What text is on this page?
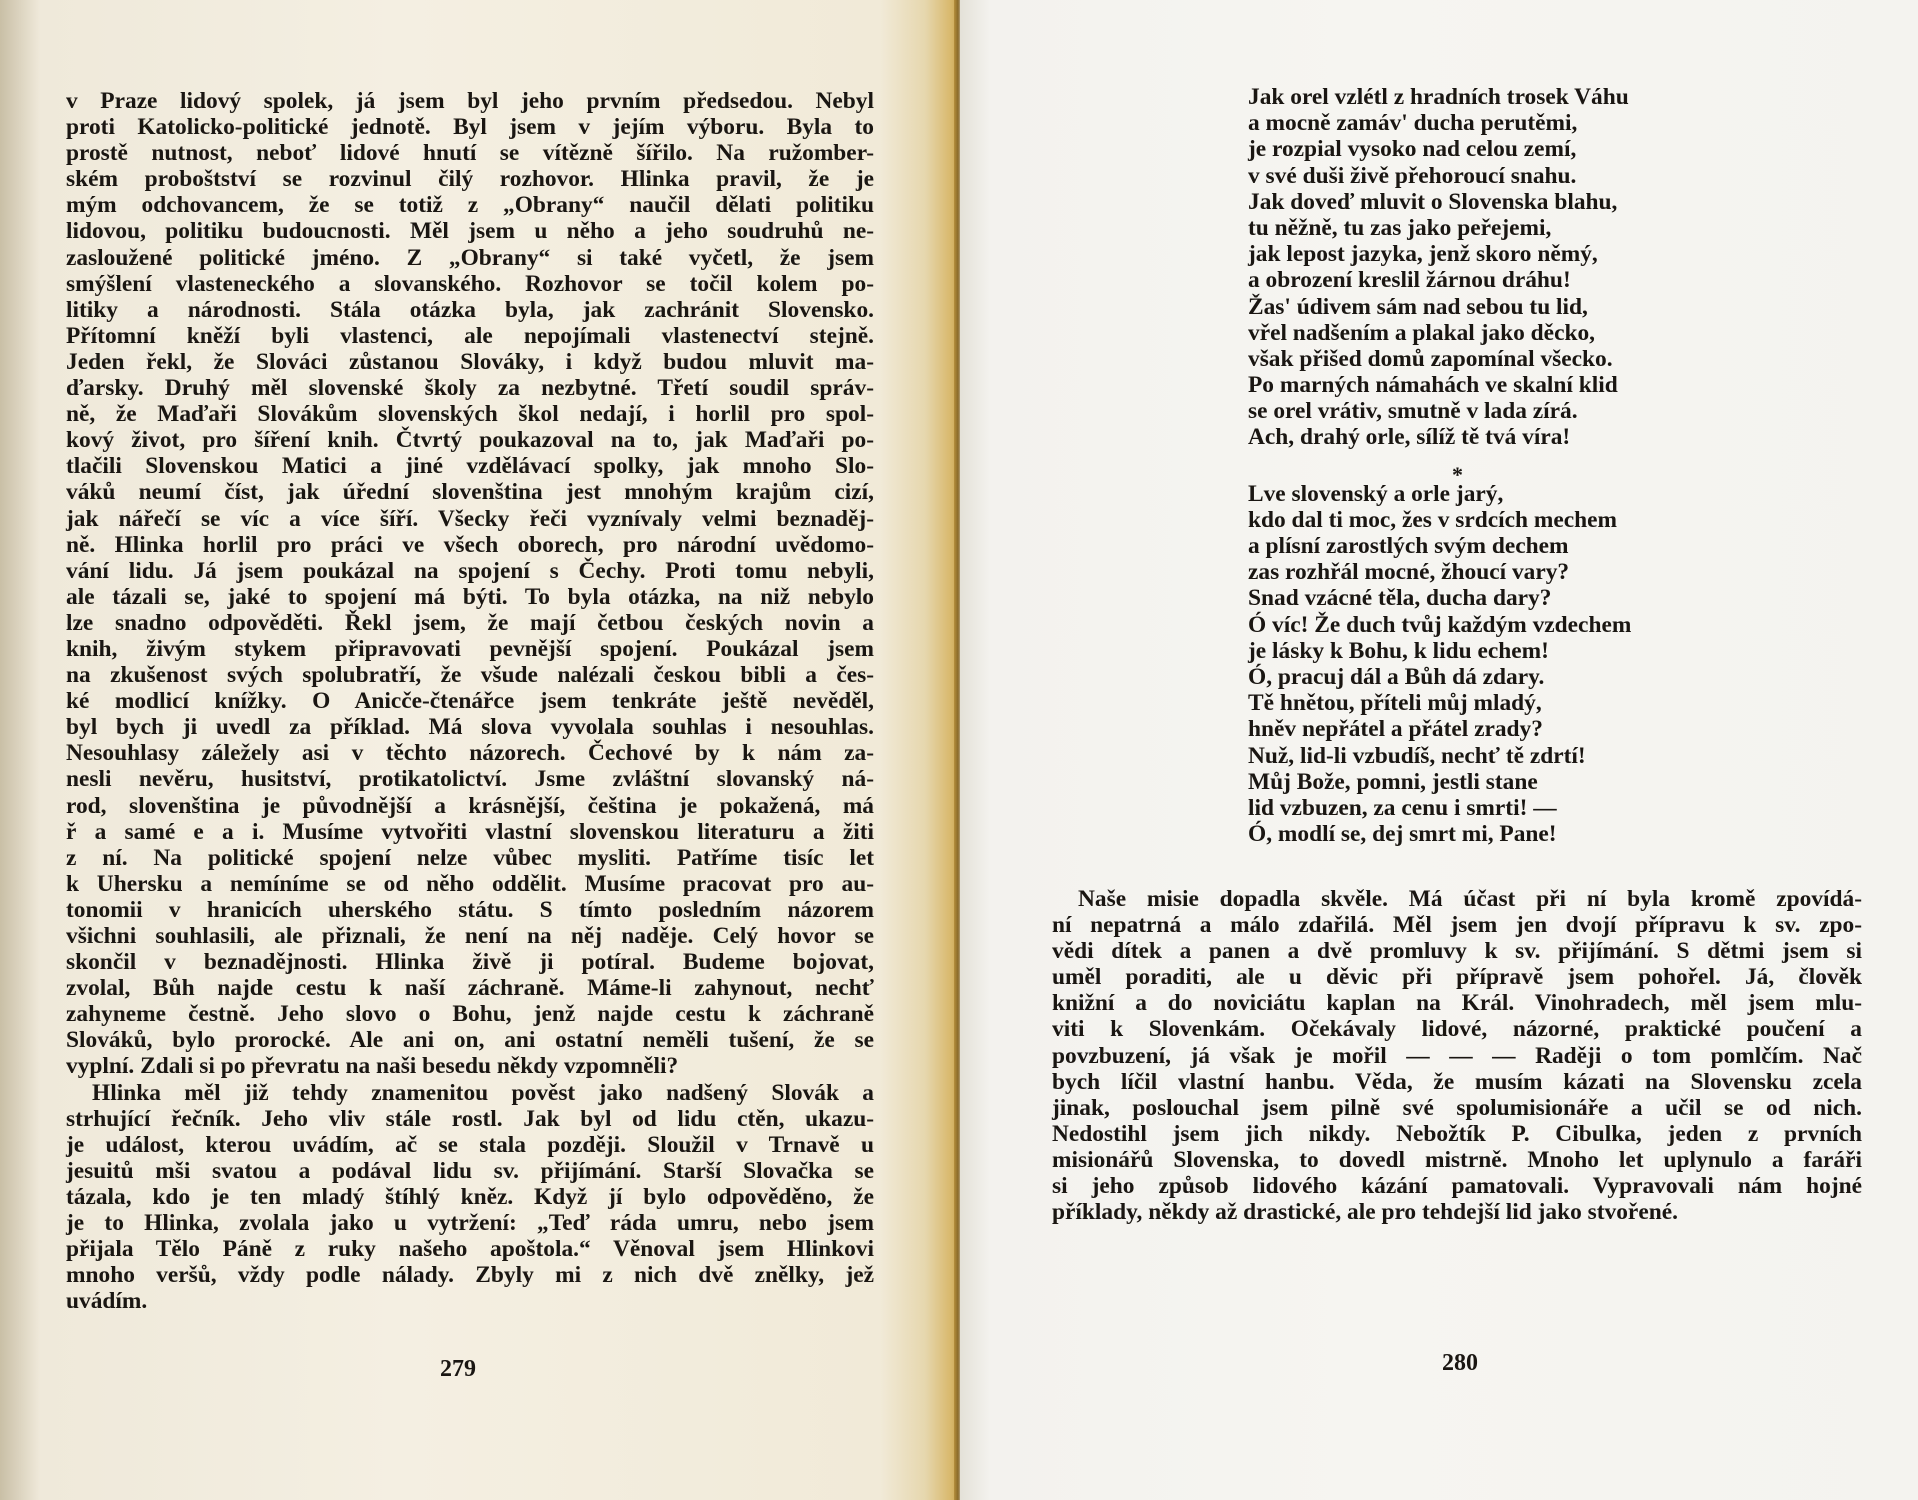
v Praze lidový spolek, já jsem byl jeho prvním předsedou. Nebyl
proti Katolicko-politické jednotě. Byl jsem v jejím výboru. Byla to
prostě nutnost, neboť lidové hnutí se vítězně šířilo. Na ružomber-
ském proboštství se rozvinul čilý rozhovor. Hlinka pravil, že je
mým odchovancem, že se totiž z „Obrany“ naučil dělati politiku
lidovou, politiku budoucnosti. Měl jsem u něho a jeho soudruhů ne-
zasloužené politické jméno. Z „Obrany“ si také vyčetl, že jsem
smýšlení vlasteneckého a slovanského. Rozhovor se točil kolem po-
litiky a národnosti. Stála otázka byla, jak zachránit Slovensko.
Přítomní kněží byli vlastenci, ale nepojímali vlastenectví stejně.
Jeden řekl, že Slováci zůstanou Slováky, i když budou mluvit ma-
ďarsky. Druhý měl slovenské školy za nezbytné. Třetí soudil správ-
ně, že Maďaři Slovákům slovenských škol nedají, i horlil pro spol-
kový život, pro šíření knih. Čtvrtý poukazoval na to, jak Maďaři po-
tlačili Slovenskou Matici a jiné vzdělávací spolky, jak mnoho Slo-
váků neumí číst, jak úřední slovenština jest mnohým krajům cizí,
jak nářečí se víc a více šíří. Všecky řeči vyznívaly velmi beznaděj-
ně. Hlinka horlil pro práci ve všech oborech, pro národní uvědomo-
vání lidu. Já jsem poukázal na spojení s Čechy. Proti tomu nebyli,
ale tázali se, jaké to spojení má býti. To byla otázka, na niž nebylo
lze snadno odpověděti. Řekl jsem, že mají četbou českých novin a
knih, živým stykem připravovati pevnější spojení. Poukázal jsem
na zkušenost svých spolubratří, že všude nalézali českou bibli a čes-
ké modlicí knížky. O Anicče-čtenářce jsem tenkráte ještě nevěděl,
byl bych ji uvedl za příklad. Má slova vyvolala souhlas i nesouhlas.
Nesouhlasy záležely asi v těchto názorech. Čechové by k nám za-
nesli nevěru, husitství, protikatolictví. Jsme zvláštní slovanský ná-
rod, slovenština je původnější a krásnější, čeština je pokažená, má
ř a samé e a i. Musíme vytvořiti vlastní slovenskou literaturu a žiti
z ní. Na politické spojení nelze vůbec mysliti. Patříme tisíc let
k Uhersku a nemíníme se od něho oddělit. Musíme pracovat pro au-
tonomii v hranicích uherského státu. S tímto posledním názorem
všichni souhlasili, ale přiznali, že není na něj naděje. Celý hovor se
skončil v beznadějnosti. Hlinka živě ji potíral. Budeme bojovat,
zvolal, Bůh najde cestu k naší záchraně. Máme-li zahynout, nechť
zahyneme čestně. Jeho slovo o Bohu, jenž najde cestu k záchraně
Slováků, bylo prorocké. Ale ani on, ani ostatní neměli tušení, že se
vyplní. Zdali si po převratu na naši besedu někdy vzpomněli?
Hlinka měl již tehdy znamenitou pověst jako nadšený Slovák a
strhující řečník. Jeho vliv stále rostl. Jak byl od lidu ctěn, ukazu-
je událost, kterou uvádím, ač se stala později. Sloužil v Trnavě u
jesuitů mši svatou a podával lidu sv. přijímání. Starší Slovačka se
tázala, kdo je ten mladý štíhlý kněz. Když jí bylo odpověděno, že
je to Hlinka, zvolala jako u vytržení: „Teď ráda umru, nebo jsem
přijala Tělo Páně z ruky našeho apoštola.“ Věnoval jsem Hlinkovi
mnoho veršů, vždy podle nálady. Zbyly mi z nich dvě znělky, jež
uvádím.
279
Jak orel vzlétl z hradních trosek Váhu
a mocně zamáv' ducha perutěmi,
je rozpial vysoko nad celou zemí,
v své duši živě přehoroucí snahu.
Jak doveď mluvit o Slovenska blahu,
tu něžně, tu zas jako peřejemi,
jak lepost jazyka, jenž skoro němý,
a obrození kreslil žárnou dráhu!
Žas' údivem sám nad sebou tu lid,
vřel nadšením a plakal jako děcko,
však přišed domů zapomínal všecko.
Po marných námahách ve skalní klid
se orel vrátiv, smutně v lada zírá.
Ach, drahý orle, sílíž tě tvá víra!
Lve slovenský a orle jarý,
kdo dal ti moc, žes v srdcích mechem
a plísní zarostlých svým dechem
zas rozhřál mocné, žhoucí vary?
Snad vzácné těla, ducha dary?
Ó víc! Že duch tvůj každým vzdechem
je lásky k Bohu, k lidu echem!
Ó, pracuj dál a Bůh dá zdary.
Tě hnětou, příteli můj mladý,
hněv nepřátel a přátel zrady?
Nuž, lid-li vzbudíš, nechť tě zdrtí!
Můj Bože, pomni, jestli stane
lid vzbuzen, za cenu i smrti! —
Ó, modlí se, dej smrt mi, Pane!
*
Naše misie dopadla skvěle. Má účast při ní byla kromě zpovídá-
ní nepatrná a málo zdařilá. Měl jsem jen dvojí přípravu k sv. zpo-
vědi dítek a panen a dvě promluvy k sv. přijímání. S dětmi jsem si
uměl poraditi, ale u děvic při přípravě jsem pohořel. Já, člověk
knižní a do noviciátu kaplan na Král. Vinohradech, měl jsem mlu-
viti k Slovenkám. Očekávaly lidové, názorné, praktické poučení a
povzbuzení, já však je mořil — — — Raději o tom pomlčím. Nač
bych líčil vlastní hanbu. Věda, že musím kázati na Slovensku zcela
jinak, poslouchal jsem pilně své spolumisionáře a učil se od nich.
Nedostihl jsem jich nikdy. Nebožtík P. Cibulka, jeden z prvních
misionářů Slovenska, to dovedl mistrně. Mnoho let uplynulo a faráři
si jeho způsob lidového kázání pamatovali. Vypravovali nám hojné
příklady, někdy až drastické, ale pro tehdejší lid jako stvořené.
280
